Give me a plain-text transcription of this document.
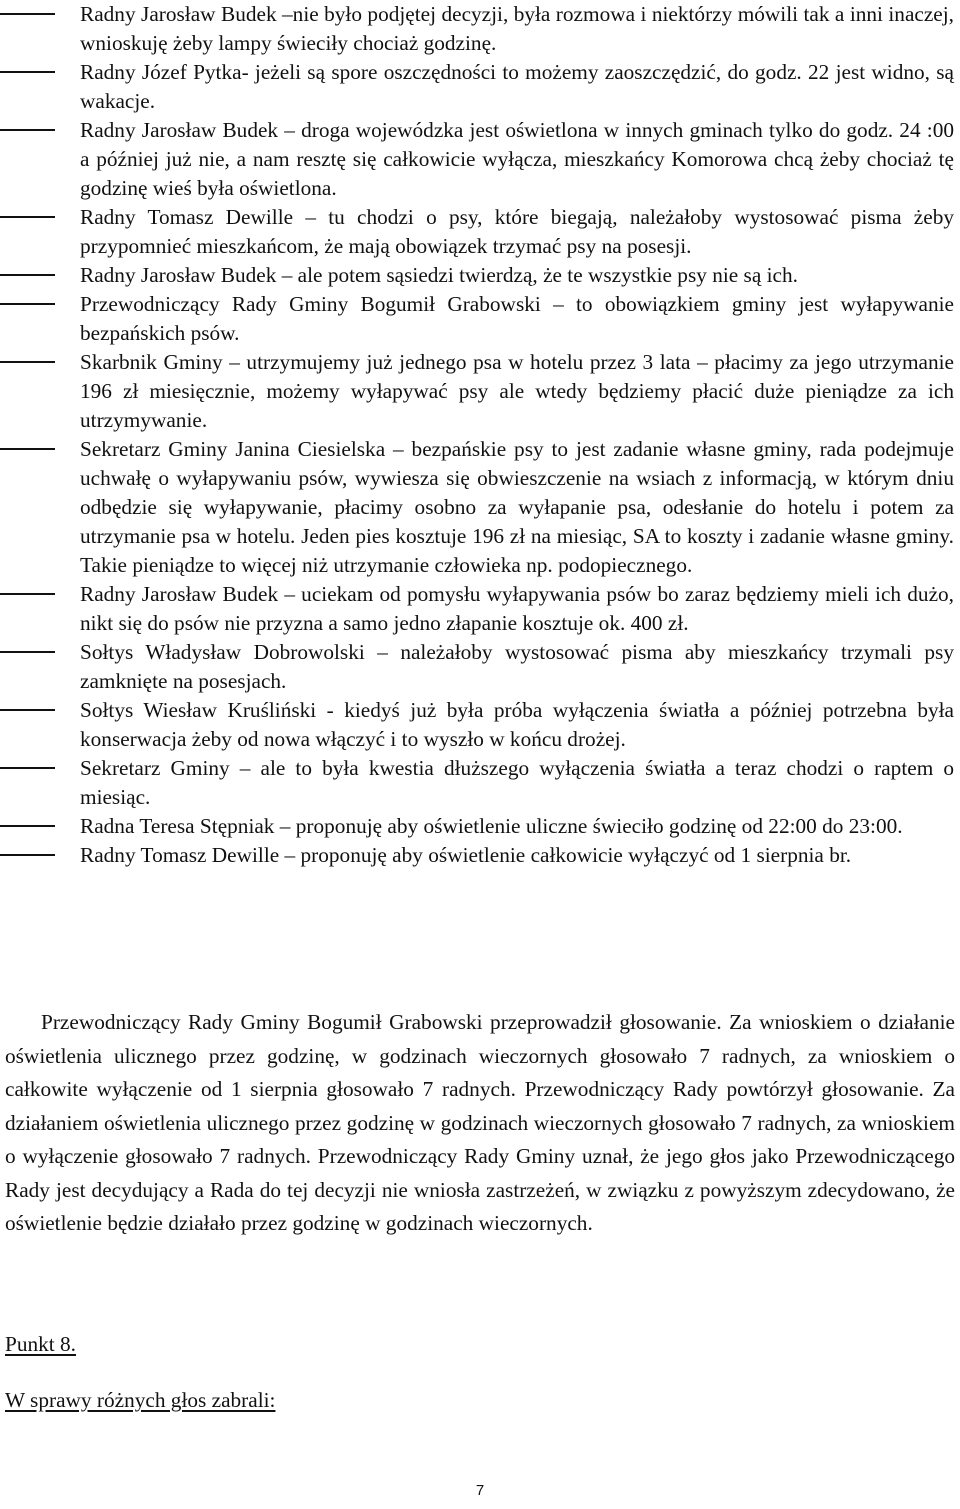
Radny Jarosław Budek –nie było podjętej decyzji, była rozmowa i niektórzy mówili tak a inni inaczej, wnioskuję żeby lampy świeciły chociaż godzinę.
Radny Józef Pytka- jeżeli są spore oszczędności to możemy zaoszczędzić, do godz. 22 jest widno, są wakacje.
Radny Jarosław Budek – droga wojewódzka jest oświetlona w innych gminach tylko do godz. 24 :00 a później już nie, a nam resztę się całkowicie wyłącza, mieszkańcy Komorowa chcą żeby chociaż tę godzinę wieś była oświetlona.
Radny Tomasz Dewille – tu chodzi o psy, które biegają, należałoby wystosować pisma żeby przypomnieć mieszkańcom, że mają obowiązek trzymać psy na posesji.
Radny Jarosław Budek – ale potem sąsiedzi twierdzą, że te wszystkie psy nie są ich.
Przewodniczący Rady Gminy Bogumił Grabowski – to obowiązkiem gminy jest wyłapywanie bezpańskich psów.
Skarbnik Gminy – utrzymujemy już jednego psa w hotelu przez 3 lata – płacimy za jego utrzymanie 196 zł miesięcznie, możemy wyłapywać psy ale wtedy będziemy płacić duże pieniądze za ich utrzymywanie.
Sekretarz Gminy Janina Ciesielska – bezpańskie psy to jest zadanie własne gminy, rada podejmuje uchwałę o wyłapywaniu psów, wywiesza się obwieszczenie na wsiach z informacją, w którym dniu odbędzie się wyłapywanie, płacimy osobno za wyłapanie psa, odesłanie do hotelu i potem za utrzymanie psa w hotelu. Jeden pies kosztuje 196 zł na miesiąc, SA to koszty i zadanie własne gminy. Takie pieniądze to więcej niż utrzymanie człowieka np. podopiecznego.
Radny Jarosław Budek – uciekam od pomysłu wyłapywania psów bo zaraz będziemy mieli ich dużo, nikt się do psów nie przyzna a samo jedno złapanie kosztuje ok. 400 zł.
Sołtys Władysław Dobrowolski – należałoby wystosować pisma aby mieszkańcy trzymali psy zamknięte na posesjach.
Sołtys Wiesław Kruśliński - kiedyś już była próba wyłączenia światła a później potrzebna była konserwacja żeby od nowa włączyć i to wyszło w końcu drożej.
Sekretarz Gminy – ale to była kwestia dłuższego wyłączenia światła a teraz chodzi o raptem o miesiąc.
Radna Teresa Stępniak – proponuję aby oświetlenie uliczne świeciło godzinę od 22:00 do 23:00.
Radny Tomasz Dewille – proponuję aby oświetlenie całkowicie wyłączyć od 1 sierpnia br.

Przewodniczący Rady Gminy Bogumił Grabowski przeprowadził głosowanie. Za wnioskiem o działanie oświetlenia ulicznego przez godzinę, w godzinach wieczornych głosowało 7 radnych, za wnioskiem o całkowite wyłączenie od 1 sierpnia głosowało 7 radnych. Przewodniczący Rady powtórzył głosowanie. Za działaniem oświetlenia ulicznego przez godzinę w godzinach wieczornych głosowało 7 radnych, za wnioskiem o wyłączenie głosowało 7 radnych. Przewodniczący Rady Gminy uznał, że jego głos jako Przewodniczącego Rady jest decydujący a Rada do tej decyzji nie wniosła zastrzeżeń, w związku z powyższym zdecydowano, że oświetlenie będzie działało przez godzinę w godzinach wieczornych.

Punkt 8.

W sprawy różnych głos zabrali:

7
